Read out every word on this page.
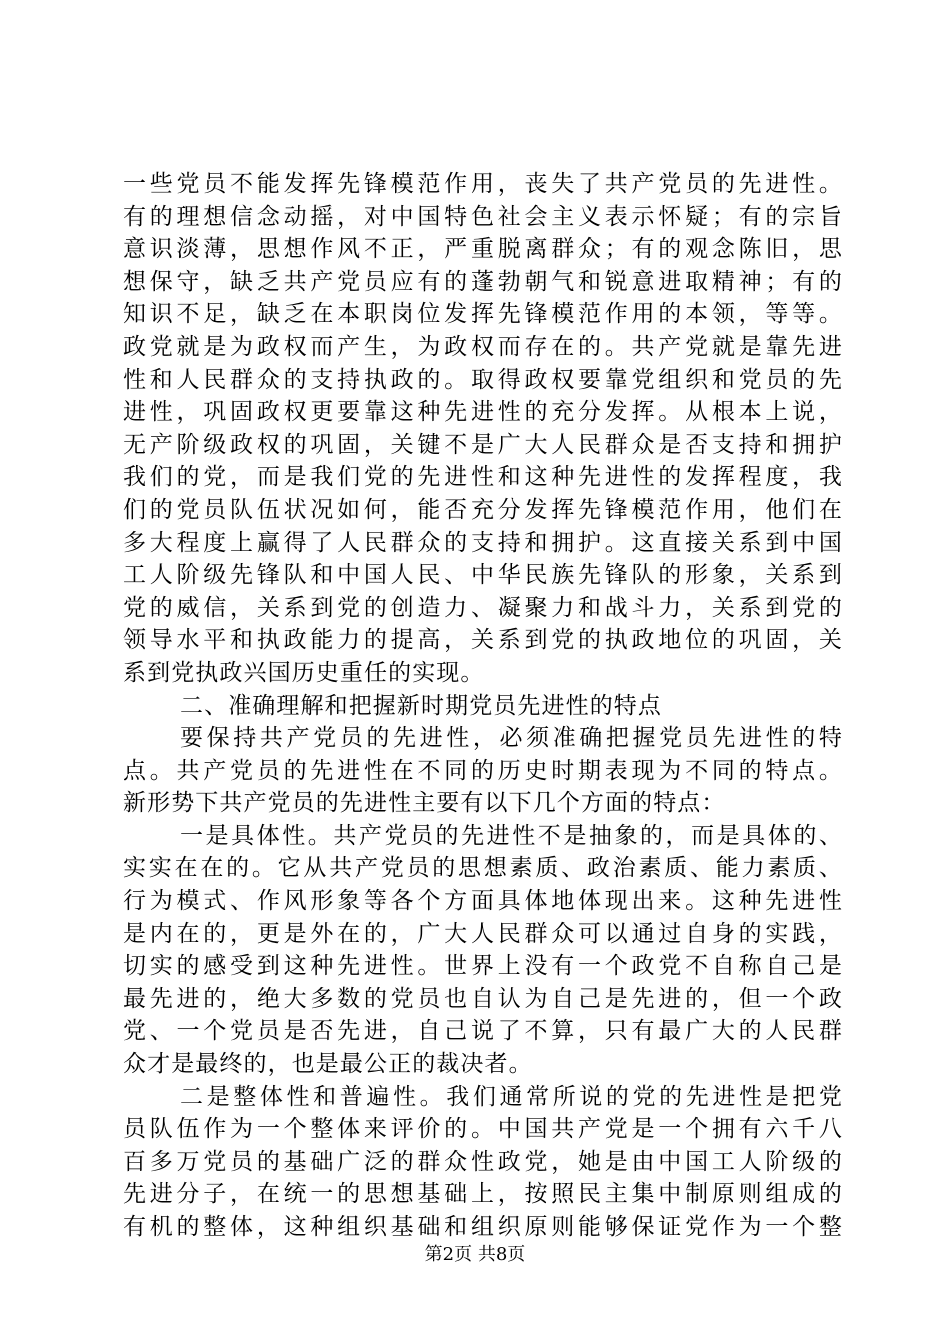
一些党员不能发挥先锋模范作用，丧失了共产党员的先进性。
有的理想信念动摇，对中国特色社会主义表示怀疑；有的宗旨
意识淡薄，思想作风不正，严重脱离群众；有的观念陈旧，思
想保守，缺乏共产党员应有的蓬勃朝气和锐意进取精神；有的
知识不足，缺乏在本职岗位发挥先锋模范作用的本领，等等。
政党就是为政权而产生，为政权而存在的。共产党就是靠先进
性和人民群众的支持执政的。取得政权要靠党组织和党员的先
进性，巩固政权更要靠这种先进性的充分发挥。从根本上说，
无产阶级政权的巩固，关键不是广大人民群众是否支持和拥护
我们的党，而是我们党的先进性和这种先进性的发挥程度，我
们的党员队伍状况如何，能否充分发挥先锋模范作用，他们在
多大程度上赢得了人民群众的支持和拥护。这直接关系到中国
工人阶级先锋队和中国人民、中华民族先锋队的形象，关系到
党的威信，关系到党的创造力、凝聚力和战斗力，关系到党的
领导水平和执政能力的提高，关系到党的执政地位的巩固，关
系到党执政兴国历史重任的实现。
二、准确理解和把握新时期党员先进性的特点
要保持共产党员的先进性，必须准确把握党员先进性的特
点。共产党员的先进性在不同的历史时期表现为不同的特点。
新形势下共产党员的先进性主要有以下几个方面的特点：
一是具体性。共产党员的先进性不是抽象的，而是具体的、
实实在在的。它从共产党员的思想素质、政治素质、能力素质、
行为模式、作风形象等各个方面具体地体现出来。这种先进性
是内在的，更是外在的，广大人民群众可以通过自身的实践，
切实的感受到这种先进性。世界上没有一个政党不自称自己是
最先进的，绝大多数的党员也自认为自己是先进的，但一个政
党、一个党员是否先进，自己说了不算，只有最广大的人民群
众才是最终的，也是最公正的裁决者。
二是整体性和普遍性。我们通常所说的党的先进性是把党
员队伍作为一个整体来评价的。中国共产党是一个拥有六千八
百多万党员的基础广泛的群众性政党，她是由中国工人阶级的
先进分子，在统一的思想基础上，按照民主集中制原则组成的
有机的整体，这种组织基础和组织原则能够保证党作为一个整
第2页 共8页
